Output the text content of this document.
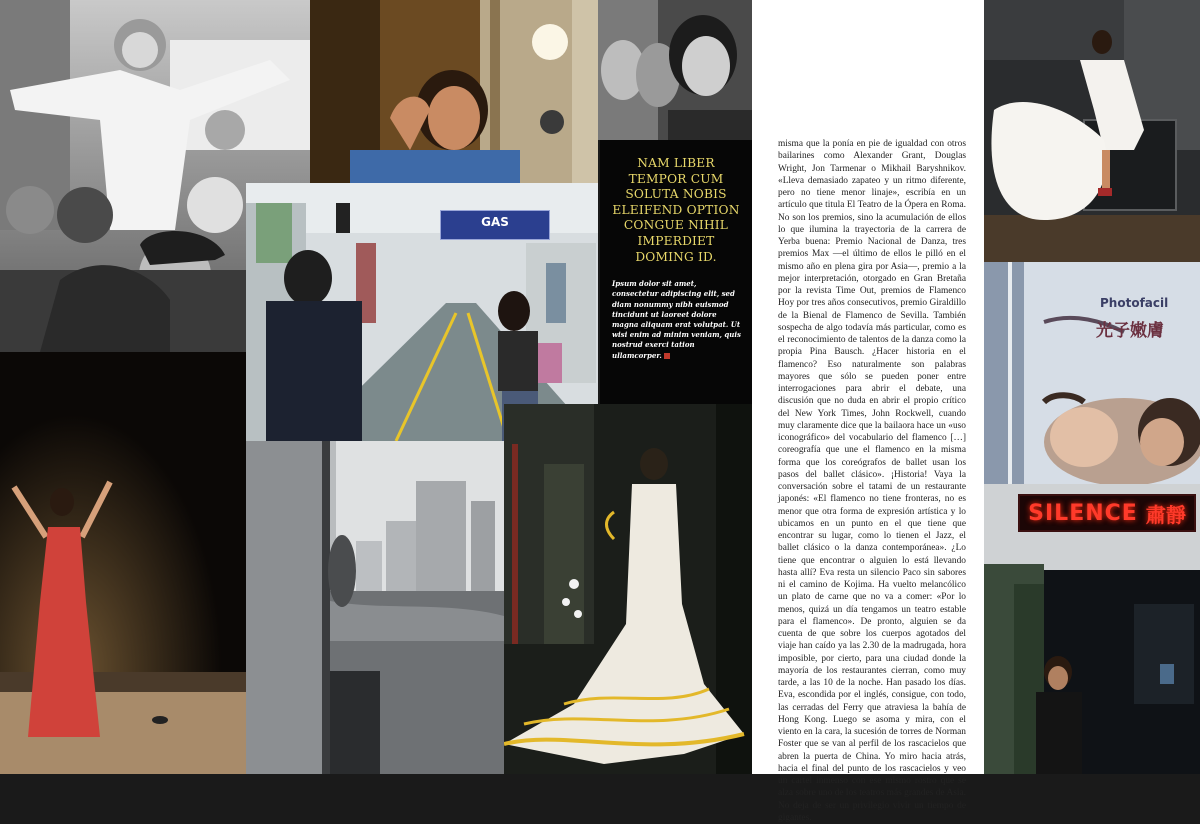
GAS
Photofacil
光子嫩膚
SILENCE 肅靜
NAM LIBER TEMPOR CUM SOLUTA NOBIS ELEIFEND OPTION CONGUE NIHIL IMPERDIET DOMING ID.

Ipsum dolor sit amet, consectetur adipiscing elit, sed diam nonummy nibh euismod tincidunt ut laoreet dolore magna aliquam erat volutpat. Ut wisi enim ad minim veniam, quis nostrud exerci tation ullamcorper.

misma que la ponía en pie de igualdad con otros bailarines como Alexander Grant, Douglas Wright, Jon Tarmenar o Mikhail Baryshnikov. «Lleva demasiado zapateo y un ritmo diferente, pero no tiene menor linaje», escribía en un artículo que titula El Teatro de la Ópera en Roma. No son los premios, sino la acumulación de ellos lo que ilumina la trayectoria de la carrera de Yerba buena: Premio Nacional de Danza, tres premios Max —el último de ellos le pilló en el mismo año en plena gira por Asia—, premio a la mejor interpretación, otorgado en Gran Bretaña por la revista Time Out, premios de Flamenco Hoy por tres años consecutivos, premio Giraldillo de la Bienal de Flamenco de Sevilla. También sospecha de algo todavía más particular, como es el reconocimiento de talentos de la danza como la propia Pina Bausch. ¿Hacer historia en el flamenco? Eso naturalmente son palabras mayores que sólo se pueden poner entre interrogaciones para abrir el debate, una discusión que no duda en abrir el propio crítico del New York Times, John Rockwell, cuando muy claramente dice que la bailaora hace un «uso iconográfico» del vocabulario del flamenco […] coreografía que une el flamenco en la misma forma que los coreógrafos de ballet usan los pasos del ballet clásico». ¡Historia! Vaya la conversación sobre el tatami de un restaurante japonés: «El flamenco no tiene fronteras, no es menor que otra forma de expresión artística y lo ubicamos en un punto en el que tiene que encontrar su lugar, como lo tienen el Jazz, el ballet clásico o la danza contemporánea». ¿Lo tiene que encontrar o alguien lo está llevando hasta allí? Eva resta un silencio Paco sin sabores ni el camino de Kojima. Ha vuelto melancólico un plato de carne que no va a comer: «Por lo menos, quizá un día tengamos un teatro estable para el flamenco». De pronto, alguien se da cuenta de que sobre los cuerpos agotados del viaje han caído ya las 2.30 de la madrugada, hora imposible, por cierto, para una ciudad donde la mayoría de los restaurantes cierran, como muy tarde, a las 10 de la noche. Han pasado los días. Eva, escondida por el inglés, consigue, con todo, las cerradas del Ferry que atraviesa la bahía de Hong Kong. Luego se asoma y mira, con el viento en la cara, la sucesión de torres de Norman Foster que se van al perfil de los rascacielos que abren la puerta de China. Yo miro hacia atrás, hacia el final del punto de los rascacielos y veo un cartel inmenso con ese mismo rostro que se alza sobre uno de los teatros más grandes de Asia. No deja de ser un privilegio vivir un tiempo de gigantes.
